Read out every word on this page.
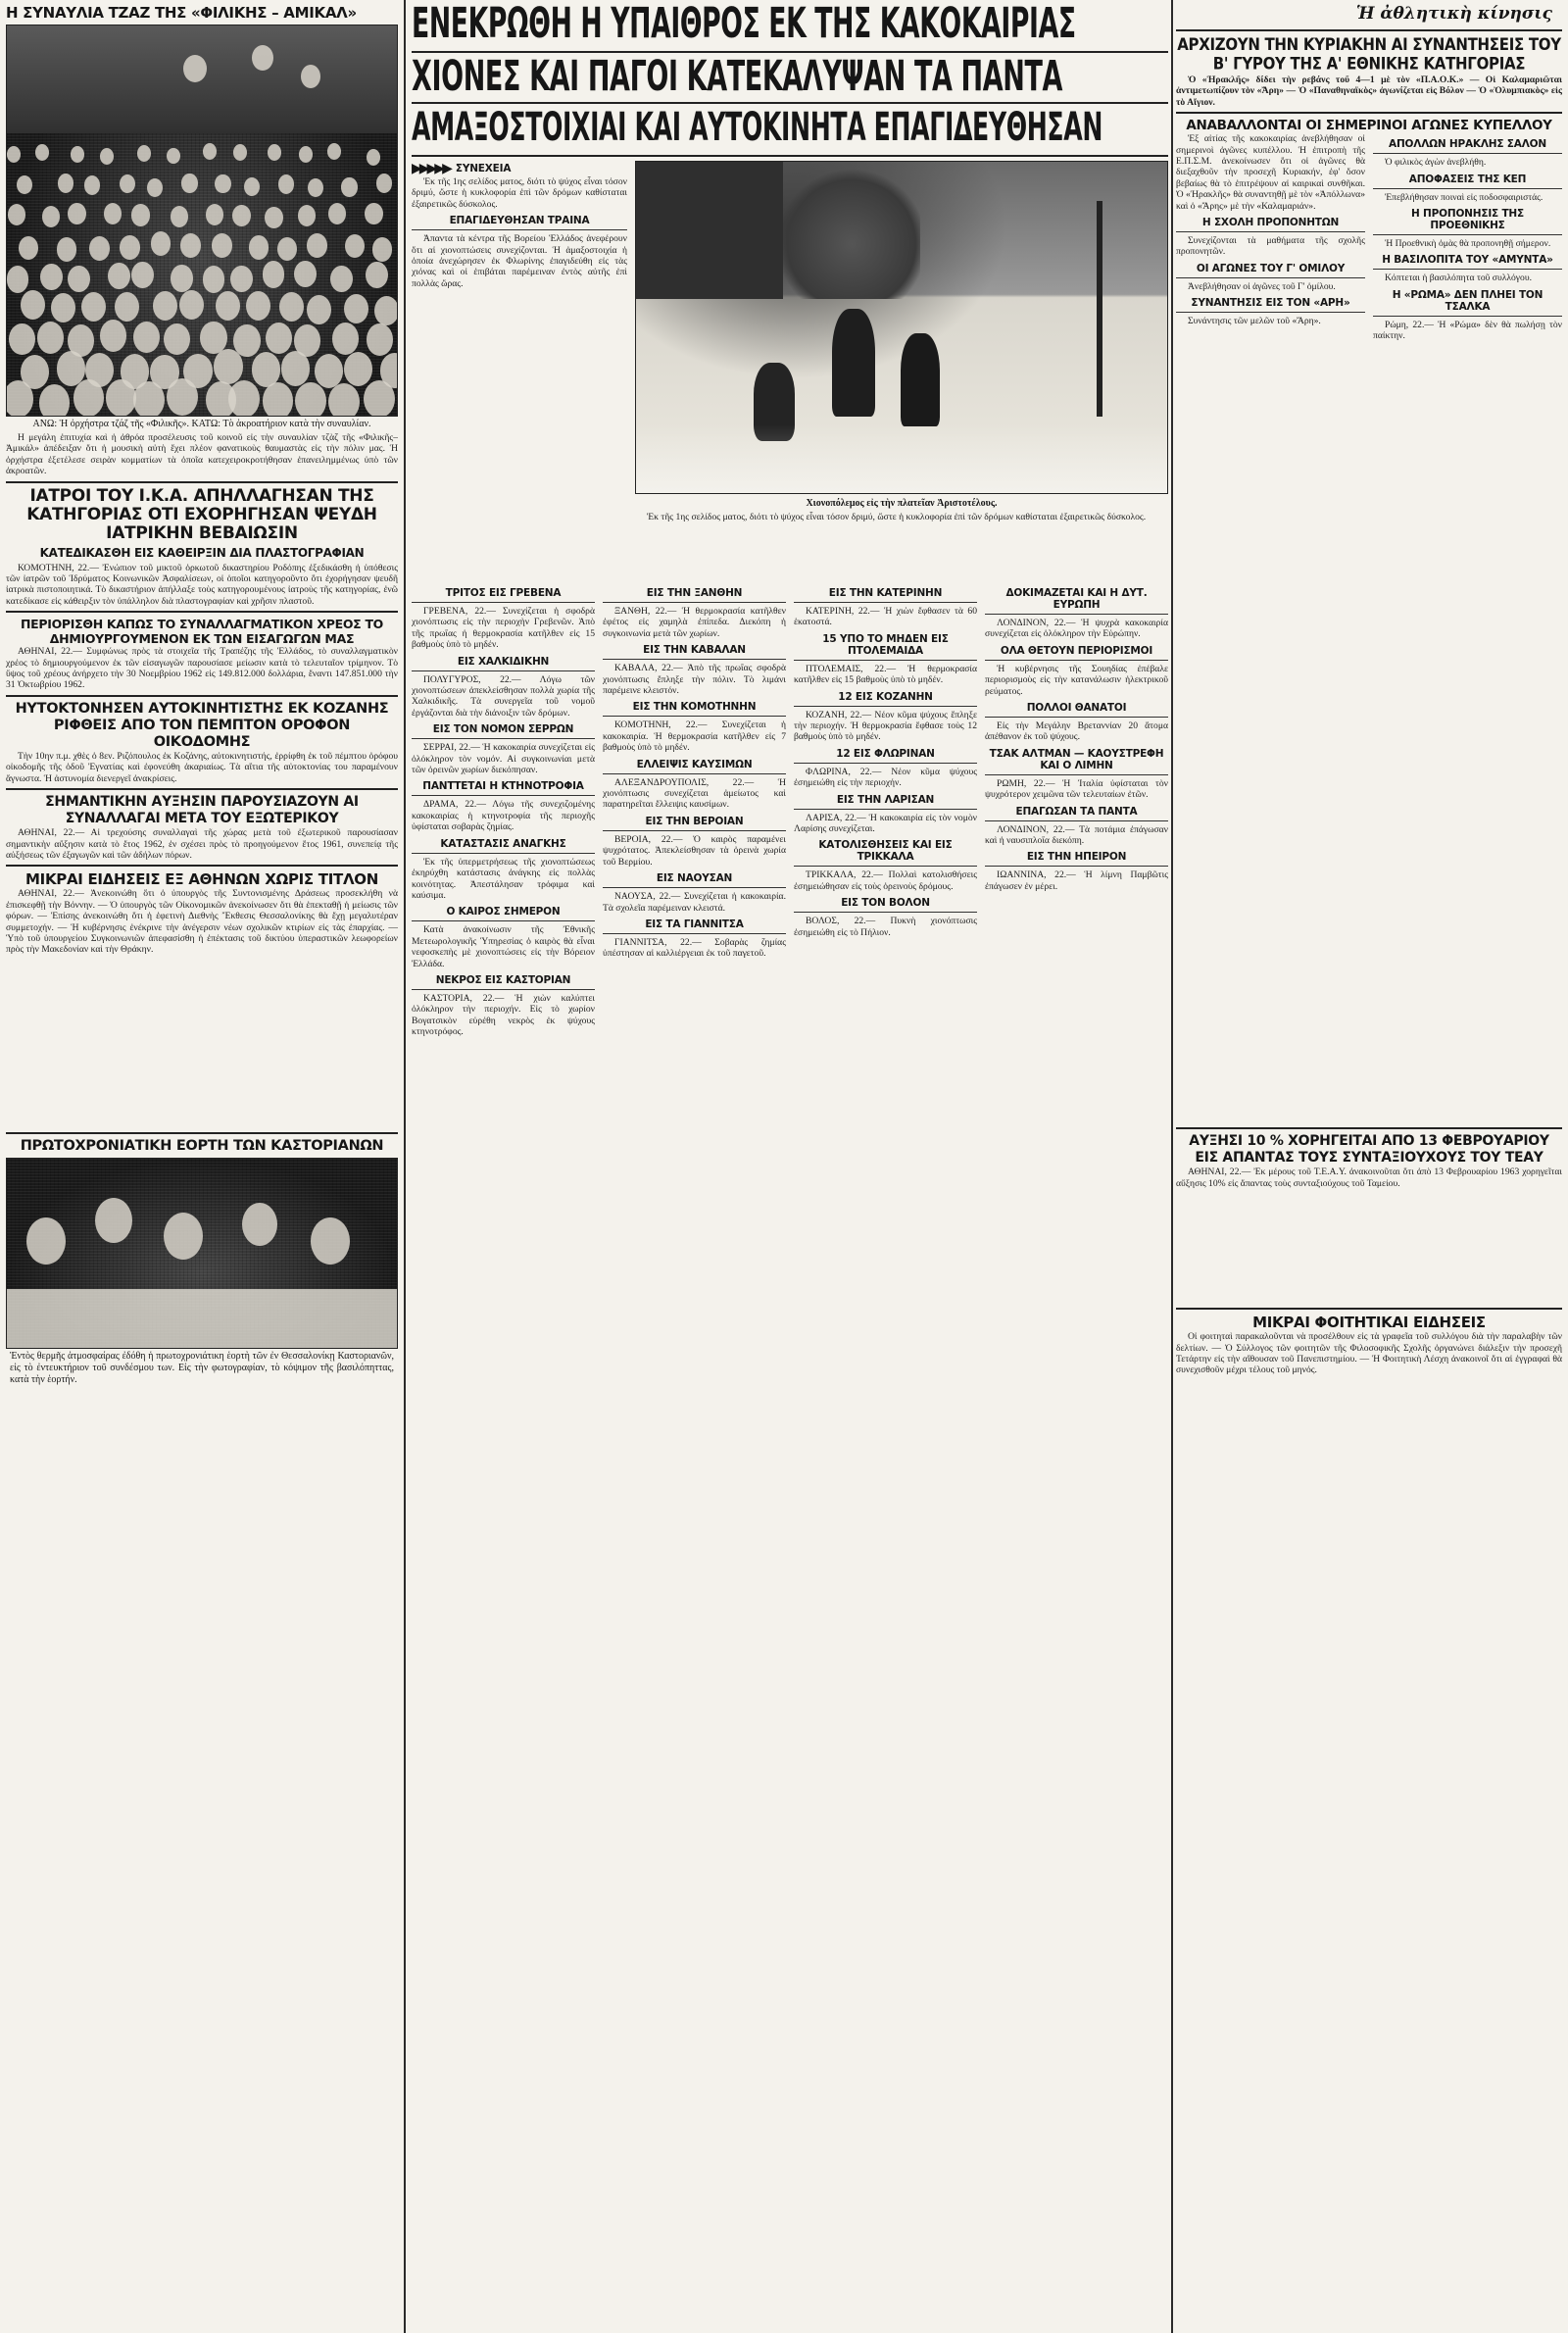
Η ΣΥΝΑΥΛΙΑ ΤΖΑΖ ΤΗΣ «ΦΙΛΙΚΗΣ – ΑΜΙΚΑΛ»
ΑΝΩ: Ἡ ὀρχήστρα τζάζ τῆς «Φιλικῆς». ΚΑΤΩ: Τὸ ἀκροατήριον κατὰ τὴν συναυλίαν.

Η μεγάλη ἐπιτυχία καὶ ἡ ἀθρόα προσέλευσις τοῦ κοινοῦ εἰς τὴν συναυλίαν τζὰζ τῆς «Φιλικῆς–Ἀμικάλ» ἀπέδειξαν ὅτι ἡ μουσικὴ αὐτὴ ἔχει πλέον φανατικοὺς θαυμαστὰς εἰς τὴν πόλιν μας. Ἡ ὀρχήστρα ἐξετέλεσε σειρὰν κομματίων τὰ ὁποῖα κατεχειροκροτήθησαν ἐπανειλημμένως ὑπὸ τῶν ἀκροατῶν.

ΙΑΤΡΟΙ ΤΟΥ Ι.Κ.Α. ΑΠΗΛΛΑΓΗΣΑΝ ΤΗΣ ΚΑΤΗΓΟΡΙΑΣ ΟΤΙ ΕΧΟΡΗΓΗΣΑΝ ΨΕΥΔΗ ΙΑΤΡΙΚΗΝ ΒΕΒΑΙΩΣΙΝ
ΚΑΤΕΔΙΚΑΣΘΗ ΕΙΣ ΚΑΘΕΙΡΞΙΝ ΔΙΑ ΠΛΑΣΤΟΓΡΑΦΙΑΝ

ΚΟΜΟΤΗΝΗ, 22.— Ἐνώπιον τοῦ μικτοῦ ὁρκωτοῦ δικαστηρίου Ροδόπης ἐξεδικάσθη ἡ ὑπόθεσις τῶν ἰατρῶν τοῦ Ἱδρύματος Κοινωνικῶν Ἀσφαλίσεων, οἱ ὁποῖοι κατηγοροῦντο ὅτι ἐχορήγησαν ψευδῆ ἰατρικὰ πιστοποιητικά. Τὸ δικαστήριον ἀπήλλαξε τοὺς κατηγορουμένους ἰατροὺς τῆς κατηγορίας, ἐνῶ κατεδίκασε εἰς κάθειρξιν τὸν ὑπάλληλον διὰ πλαστογραφίαν καὶ χρῆσιν πλαστοῦ.

ΠΕΡΙΟΡΙΣΘΗ ΚΑΠΩΣ ΤΟ ΣΥΝΑΛΛΑΓΜΑΤΙΚΟΝ ΧΡΕΟΣ ΤΟ ΔΗΜΙΟΥΡΓΟΥΜΕΝΟΝ ΕΚ ΤΩΝ ΕΙΣΑΓΩΓΩΝ ΜΑΣ

ΑΘΗΝΑΙ, 22.— Συμφώνως πρὸς τὰ στοιχεῖα τῆς Τραπέζης τῆς Ἑλλάδος, τὸ συναλλαγματικὸν χρέος τὸ δημιουργούμενον ἐκ τῶν εἰσαγωγῶν παρουσίασε μείωσιν κατὰ τὸ τελευταῖον τρίμηνον. Τὸ ὕψος τοῦ χρέους ἀνήρχετο τὴν 30 Νοεμβρίου 1962 εἰς 149.812.000 δολλάρια, ἔναντι 147.851.000 τὴν 31 Ὀκτωβρίου 1962.

ΗΥΤΟΚΤΟΝΗΣΕΝ ΑΥΤΟΚΙΝΗΤΙΣΤΗΣ ΕΚ ΚΟΖΑΝΗΣ ΡΙΦΘΕΙΣ ΑΠΟ ΤΟΝ ΠΕΜΠΤΟΝ ΟΡΟΦΟΝ ΟΙΚΟΔΟΜΗΣ

Τὴν 10ην π.μ. χθὲς ὁ 8εν. Ριζόπουλος ἐκ Κοζάνης, αὐτοκινητιστής, ἐρρίφθη ἐκ τοῦ πέμπτου ὀρόφου οἰκοδομῆς τῆς ὁδοῦ Ἐγνατίας καὶ ἐφονεύθη ἀκαριαίως. Τὰ αἴτια τῆς αὐτοκτονίας του παραμένουν ἄγνωστα. Ἡ ἀστυνομία διενεργεῖ ἀνακρίσεις.

ΣΗΜΑΝΤΙΚΗΝ ΑΥΞΗΣΙΝ ΠΑΡΟΥΣΙΑΖΟΥΝ ΑΙ ΣΥΝΑΛΛΑΓΑΙ ΜΕΤΑ ΤΟΥ ΕΞΩΤΕΡΙΚΟΥ

ΑΘΗΝΑΙ, 22.— Αἱ τρεχούσης συναλλαγαὶ τῆς χώρας μετὰ τοῦ ἐξωτερικοῦ παρουσίασαν σημαντικὴν αὔξησιν κατὰ τὸ ἔτος 1962, ἐν σχέσει πρὸς τὸ προηγούμενον ἔτος 1961, συνεπείᾳ τῆς αὐξήσεως τῶν ἐξαγωγῶν καὶ τῶν ἀδήλων πόρων.

ΜΙΚΡΑΙ ΕΙΔΗΣΕΙΣ ΕΞ ΑΘΗΝΩΝ ΧΩΡΙΣ ΤΙΤΛΟΝ

ΑΘΗΝΑΙ, 22.— Ἀνεκοινώθη ὅτι ὁ ὑπουργὸς τῆς Συντονισμένης Δράσεως προσεκλήθη νὰ ἐπισκεφθῇ τὴν Βόννην. — Ὁ ὑπουργὸς τῶν Οἰκονομικῶν ἀνεκοίνωσεν ὅτι θὰ ἐπεκταθῇ ἡ μείωσις τῶν φόρων. — Ἐπίσης ἀνεκοινώθη ὅτι ἡ ἐφετινὴ Διεθνὴς Ἔκθεσις Θεσσαλονίκης θὰ ἔχῃ μεγαλυτέραν συμμετοχήν. — Ἡ κυβέρνησις ἐνέκρινε τὴν ἀνέγερσιν νέων σχολικῶν κτιρίων εἰς τὰς ἐπαρχίας. — Ὑπὸ τοῦ ὑπουργείου Συγκοινωνιῶν ἀπεφασίσθη ἡ ἐπέκτασις τοῦ δικτύου ὑπεραστικῶν λεωφορείων πρὸς τὴν Μακεδονίαν καὶ τὴν Θράκην.

ΠΡΩΤΟΧΡΟΝΙΑΤΙΚΗ ΕΟΡΤΗ ΤΩΝ ΚΑΣΤΟΡΙΑΝΩΝ
Ἐντὸς θερμῆς ἀτμοσφαίρας ἐδόθη ἡ πρωτοχρονιάτικη ἑορτὴ τῶν ἐν Θεσσαλονίκῃ Καστοριανῶν, εἰς τὸ ἐντευκτήριον τοῦ συνδέσμου των. Εἰς τὴν φωτογραφίαν, τὸ κόψιμον τῆς βασιλόπηττας, κατὰ τὴν ἑορτήν.
ΕΝΕΚΡΩΘΗ Η ΥΠΑΙΘΡΟΣ ΕΚ ΤΗΣ ΚΑΚΟΚΑΙΡΙΑΣ
ΧΙΟΝΕΣ ΚΑΙ ΠΑΓΟΙ ΚΑΤΕΚΑΛΥΨΑΝ ΤΑ ΠΑΝΤΑ
ΑΜΑΞΟΣΤΟΙΧΙΑΙ ΚΑΙ ΑΥΤΟΚΙΝΗΤΑ ΕΠΑΓΙΔΕΥΘΗΣΑΝ
▶▶▶▶▶ ΣΥΝΕΧΕΙΑ

Ἐκ τῆς 1ης σελίδος ματος, διότι τὸ ψύχος εἶναι τόσον δριμύ, ὥστε ἡ κυκλοφορία ἐπὶ τῶν δρόμων καθίσταται ἐξαιρετικῶς δύσκολος.

ΕΠΑΓΙΔΕΥΘΗΣΑΝ ΤΡΑΙΝΑ

Ἀπαντα τὰ κέντρα τῆς Βορείου Ἑλλάδος ἀνεφέρουν ὅτι αἱ χιονοπτώσεις συνεχίζονται. Ἡ ἀμαξοστοιχία ἡ ὁποία ἀνεχώρησεν ἐκ Φλωρίνης ἐπαγιδεύθη εἰς τὰς χιόνας καὶ οἱ ἐπιβάται παρέμειναν ἐντὸς αὐτῆς ἐπὶ πολλὰς ὥρας.

Χιονοπόλεμος εἰς τὴν πλατεῖαν Ἀριστοτέλους.

Ἐκ τῆς 1ης σελίδος ματος, διότι τὸ ψύχος εἶναι τόσον δριμύ, ὥστε ἡ κυκλοφορία ἐπὶ τῶν δρόμων καθίσταται ἐξαιρετικῶς δύσκολος.

ΤΡΙΤΟΣ ΕΙΣ ΓΡΕΒΕΝΑ

ΓΡΕΒΕΝΑ, 22.— Συνεχίζεται ἡ σφοδρὰ χιονόπτωσις εἰς τὴν περιοχὴν Γρεβενῶν. Ἀπὸ τῆς πρωΐας ἡ θερμοκρασία κατῆλθεν εἰς 15 βαθμοὺς ὑπὸ τὸ μηδέν.

ΕΙΣ ΧΑΛΚΙΔΙΚΗΝ

ΠΟΛΥΓΥΡΟΣ, 22.— Λόγω τῶν χιονοπτώσεων ἀπεκλείσθησαν πολλὰ χωρία τῆς Χαλκιδικῆς. Τὰ συνεργεῖα τοῦ νομοῦ ἐργάζονται διὰ τὴν διάνοιξιν τῶν δρόμων.

ΕΙΣ ΤΟΝ ΝΟΜΟΝ ΣΕΡΡΩΝ

ΣΕΡΡΑΙ, 22.— Ἡ κακοκαιρία συνεχίζεται εἰς ὁλόκληρον τὸν νομόν. Αἱ συγκοινωνίαι μετὰ τῶν ὀρεινῶν χωρίων διεκόπησαν.

ΠΑΝΤΤΕΤΑΙ Η ΚΤΗΝΟΤΡΟΦΙΑ

ΔΡΑΜΑ, 22.— Λόγω τῆς συνεχιζομένης κακοκαιρίας ἡ κτηνοτροφία τῆς περιοχῆς ὑφίσταται σοβαρὰς ζημίας.

ΚΑΤΑΣΤΑΣΙΣ ΑΝΑΓΚΗΣ

Ἐκ τῆς ὑπερμετρήσεως τῆς χιονοπτώσεως ἐκηρύχθη κατάστασις ἀνάγκης εἰς πολλὰς κοινότητας. Ἀπεστάλησαν τρόφιμα καὶ καύσιμα.

Ο ΚΑΙΡΟΣ ΣΗΜΕΡΟΝ

Κατὰ ἀνακοίνωσιν τῆς Ἐθνικῆς Μετεωρολογικῆς Ὑπηρεσίας ὁ καιρὸς θὰ εἶναι νεφοσκεπὴς μὲ χιονοπτώσεις εἰς τὴν Βόρειον Ἑλλάδα.

ΝΕΚΡΟΣ ΕΙΣ ΚΑΣΤΟΡΙΑΝ

ΚΑΣΤΟΡΙΑ, 22.— Ἡ χιὼν καλύπτει ὁλόκληρον τὴν περιοχήν. Εἰς τὸ χωρίον Βογατσικὸν εὑρέθη νεκρὸς ἐκ ψύχους κτηνοτρόφος.

ΕΙΣ ΤΗΝ ΞΑΝΘΗΝ

ΞΑΝΘΗ, 22.— Ἡ θερμοκρασία κατῆλθεν ἐφέτος εἰς χαμηλὰ ἐπίπεδα. Διεκόπη ἡ συγκοινωνία μετὰ τῶν χωρίων.

ΕΙΣ ΤΗΝ ΚΑΒΑΛΑΝ

ΚΑΒΑΛΑ, 22.— Ἀπὸ τῆς πρωΐας σφοδρὰ χιονόπτωσις ἔπληξε τὴν πόλιν. Τὸ λιμάνι παρέμεινε κλειστόν.

ΕΙΣ ΤΗΝ ΚΟΜΟΤΗΝΗΝ

ΚΟΜΟΤΗΝΗ, 22.— Συνεχίζεται ἡ κακοκαιρία. Ἡ θερμοκρασία κατῆλθεν εἰς 7 βαθμοὺς ὑπὸ τὸ μηδέν.

ΕΛΛΕΙΨΙΣ ΚΑΥΣΙΜΩΝ

ΑΛΕΞΑΝΔΡΟΥΠΟΛΙΣ, 22.— Ἡ χιονόπτωσις συνεχίζεται ἀμείωτος καὶ παρατηρεῖται ἔλλειψις καυσίμων.

ΕΙΣ ΤΗΝ ΒΕΡΟΙΑΝ

ΒΕΡΟΙΑ, 22.— Ὁ καιρὸς παραμένει ψυχρότατος. Ἀπεκλείσθησαν τὰ ὀρεινὰ χωρία τοῦ Βερμίου.

ΕΙΣ ΝΑΟΥΣΑΝ

ΝΑΟΥΣΑ, 22.— Συνεχίζεται ἡ κακοκαιρία. Τὰ σχολεῖα παρέμειναν κλειστά.

ΕΙΣ ΤΑ ΓΙΑΝΝΙΤΣΑ

ΓΙΑΝΝΙΤΣΑ, 22.— Σοβαρὰς ζημίας ὑπέστησαν αἱ καλλιέργειαι ἐκ τοῦ παγετοῦ.

ΕΙΣ ΤΗΝ ΚΑΤΕΡΙΝΗΝ

ΚΑΤΕΡΙΝΗ, 22.— Ἡ χιὼν ἔφθασεν τὰ 60 ἑκατοστά.

15 ΥΠΟ ΤΟ ΜΗΔΕΝ ΕΙΣ ΠΤΟΛΕΜΑΙΔΑ

ΠΤΟΛΕΜΑΙΣ, 22.— Ἡ θερμοκρασία κατῆλθεν εἰς 15 βαθμοὺς ὑπὸ τὸ μηδέν.

12 ΕΙΣ ΚΟΖΑΝΗΝ

ΚΟΖΑΝΗ, 22.— Νέον κῦμα ψύχους ἔπληξε τὴν περιοχήν. Ἡ θερμοκρασία ἔφθασε τοὺς 12 βαθμοὺς ὑπὸ τὸ μηδέν.

12 ΕΙΣ ΦΛΩΡΙΝΑΝ

ΦΛΩΡΙΝΑ, 22.— Νέον κῦμα ψύχους ἐσημειώθη εἰς τὴν περιοχήν.

ΕΙΣ ΤΗΝ ΛΑΡΙΣΑΝ

ΛΑΡΙΣΑ, 22.— Ἡ κακοκαιρία εἰς τὸν νομὸν Λαρίσης συνεχίζεται.

ΚΑΤΟΛΙΣΘΗΣΕΙΣ ΚΑΙ ΕΙΣ ΤΡΙΚΚΑΛΑ

ΤΡΙΚΚΑΛΑ, 22.— Πολλαὶ κατολισθήσεις ἐσημειώθησαν εἰς τοὺς ὀρεινοὺς δρόμους.

ΕΙΣ ΤΟΝ ΒΟΛΟΝ

ΒΟΛΟΣ, 22.— Πυκνὴ χιονόπτωσις ἐσημειώθη εἰς τὸ Πήλιον.

ΔΟΚΙΜΑΖΕΤΑΙ ΚΑΙ Η ΔΥΤ. ΕΥΡΩΠΗ

ΛΟΝΔΙΝΟΝ, 22.— Ἡ ψυχρὰ κακοκαιρία συνεχίζεται εἰς ὁλόκληρον τὴν Εὐρώπην.

ΟΛΑ ΘΕΤΟΥΝ ΠΕΡΙΟΡΙΣΜΟΙ

Ἡ κυβέρνησις τῆς Σουηδίας ἐπέβαλε περιορισμοὺς εἰς τὴν κατανάλωσιν ἠλεκτρικοῦ ρεύματος.

ΠΟΛΛΟΙ ΘΑΝΑΤΟΙ

Εἰς τὴν Μεγάλην Βρεταννίαν 20 ἄτομα ἀπέθανον ἐκ τοῦ ψύχους.

ΤΣΑΚ ΑΛΤΜΑΝ — ΚΑΟΥΣΤΡΕΦΗ ΚΑΙ Ο ΛΙΜΗΝ

ΡΩΜΗ, 22.— Ἡ Ἰταλία ὑφίσταται τὸν ψυχρότερον χειμῶνα τῶν τελευταίων ἐτῶν.

ΕΠΑΓΩΣΑΝ ΤΑ ΠΑΝΤΑ

ΛΟΝΔΙΝΟΝ, 22.— Τὰ ποτάμια ἐπάγωσαν καὶ ἡ ναυσιπλοΐα διεκόπη.

ΕΙΣ ΤΗΝ ΗΠΕΙΡΟΝ

ΙΩΑΝΝΙΝΑ, 22.— Ἡ λίμνη Παμβῶτις ἐπάγωσεν ἐν μέρει.

Ἡ ἀθλητικὴ κίνησις
ΑΡΧΙΖΟΥΝ ΤΗΝ ΚΥΡΙΑΚΗΝ ΑΙ ΣΥΝΑΝΤΗΣΕΙΣ ΤΟΥ Β' ΓΥΡΟΥ ΤΗΣ Α' ΕΘΝΙΚΗΣ ΚΑΤΗΓΟΡΙΑΣ

Ὁ «Ἡρακλῆς» δίδει τὴν ρεβάνς τοῦ 4—1 μὲ τὸν «Π.Α.Ο.Κ.» — Οἱ Καλαμαριῶται ἀντιμετωπίζουν τὸν «Ἄρη» — Ὁ «Παναθηναϊκὸς» ἀγωνίζεται εἰς Βόλον — Ὁ «Ὀλυμπιακὸς» εἰς τὸ Αἴγιον.

ΑΝΑΒΑΛΛΟΝΤΑΙ ΟΙ ΣΗΜΕΡΙΝΟΙ ΑΓΩΝΕΣ ΚΥΠΕΛΛΟΥ

Ἐξ αἰτίας τῆς κακοκαιρίας ἀνεβλήθησαν οἱ σημερινοὶ ἀγῶνες κυπέλλου. Ἡ ἐπιτροπὴ τῆς Ε.Π.Σ.Μ. ἀνεκοίνωσεν ὅτι οἱ ἀγῶνες θὰ διεξαχθοῦν τὴν προσεχῆ Κυριακήν, ἐφ' ὅσον βεβαίως θὰ τὸ ἐπιτρέψουν αἱ καιρικαὶ συνθῆκαι. Ὁ «Ἡρακλῆς» θὰ συναντηθῇ μὲ τὸν «Ἀπόλλωνα» καὶ ὁ «Ἄρης» μὲ τὴν «Καλαμαριάν».

Η ΣΧΟΛΗ ΠΡΟΠΟΝΗΤΩΝ

Συνεχίζονται τὰ μαθήματα τῆς σχολῆς προπονητῶν.

ΟΙ ΑΓΩΝΕΣ ΤΟΥ Γ' ΟΜΙΛΟΥ

Ἀνεβλήθησαν οἱ ἀγῶνες τοῦ Γ' ὁμίλου.

ΣΥΝΑΝΤΗΣΙΣ ΕΙΣ ΤΟΝ «ΑΡΗ»

Συνάντησις τῶν μελῶν τοῦ «Ἄρη».

ΑΠΟΛΛΩΝ ΗΡΑΚΛΗΣ ΣΑΛΟΝ

Ὁ φιλικὸς ἀγὼν ἀνεβλήθη.

ΑΠΟΦΑΣΕΙΣ ΤΗΣ ΚΕΠ

Ἐπεβλήθησαν ποιναὶ εἰς ποδοσφαιριστάς.

Η ΠΡΟΠΟΝΗΣΙΣ ΤΗΣ ΠΡΟΕΘΝΙΚΗΣ

Ἡ Προεθνικὴ ὁμὰς θὰ προπονηθῇ σήμερον.

Η ΒΑΣΙΛΟΠΙΤΑ ΤΟΥ «ΑΜΥΝΤΑ»

Κόπτεται ἡ βασιλόπητα τοῦ συλλόγου.

Η «ΡΩΜΑ» ΔΕΝ ΠΛΗΕΙ ΤΟΝ ΤΣΑΛΚΑ

Ρώμη, 22.— Ἡ «Ρώμα» δὲν θὰ πωλήσῃ τὸν παίκτην.

ΑΥΞΗΣΙ 10 % ΧΟΡΗΓΕΙΤΑΙ ΑΠΟ 13 ΦΕΒΡΟΥΑΡΙΟΥ ΕΙΣ ΑΠΑΝΤΑΣ ΤΟΥΣ ΣΥΝΤΑΞΙΟΥΧΟΥΣ ΤΟΥ ΤΕΑΥ

ΑΘΗΝΑΙ, 22.— Ἐκ μέρους τοῦ Τ.Ε.Α.Υ. ἀνακοινοῦται ὅτι ἀπὸ 13 Φεβρουαρίου 1963 χορηγεῖται αὔξησις 10% εἰς ἅπαντας τοὺς συνταξιούχους τοῦ Ταμείου.

ΜΙΚΡΑΙ ΦΟΙΤΗΤΙΚΑΙ ΕΙΔΗΣΕΙΣ

Οἱ φοιτηταὶ παρακαλοῦνται νὰ προσέλθουν εἰς τὰ γραφεῖα τοῦ συλλόγου διὰ τὴν παραλαβὴν τῶν δελτίων. — Ὁ Σύλλογος τῶν φοιτητῶν τῆς Φιλοσοφικῆς Σχολῆς ὀργανώνει διάλεξιν τὴν προσεχῆ Τετάρτην εἰς τὴν αἴθουσαν τοῦ Πανεπιστημίου. — Ἡ Φοιτητικὴ Λέσχη ἀνακοινοῖ ὅτι αἱ ἐγγραφαὶ θὰ συνεχισθοῦν μέχρι τέλους τοῦ μηνός.
